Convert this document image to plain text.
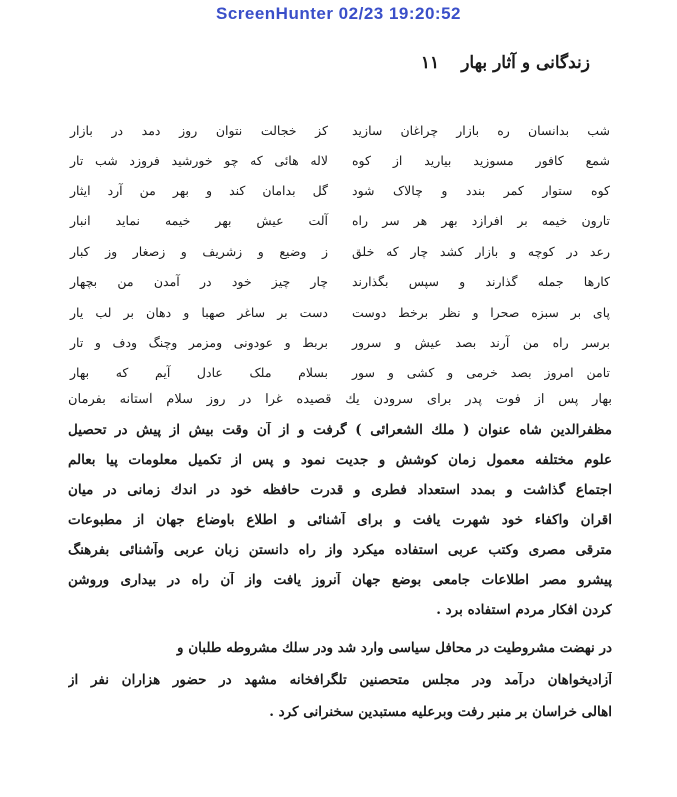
ScreenHunter 02/23 19:20:52
زندگانی و آثار بهار
١١
شب بدانسان ره بازار چراغان سازید
کز خجالت نتوان روز دمد در بازار
شمع کافور مسوزید بیارید از کوه
لاله هائی که چو خورشید فروزد شب تار
کوه ستوار کمر بندد و چالاک شود
گل بدامان کند و بهر من آرد ایثار
تارون خیمه بر افرازد بهر هر سر راه
آلت عیش بهر خیمه نماید انبار
رعد در کوچه و بازار کشد چار که خلق
ز وضیع و زشریف و زصغار وز کبار
کارها جمله گذارند و سپس بگذارند
چار چیز خود در آمدن من بچهار
پای بر سبزه صحرا و نظر برخط دوست
دست بر ساغر صهبا و دهان بر لب یار
برسر راه من آرند بصد عیش و سرور
بربط و عودونی ومزمر وچنگ ودف و تار
تامن امروز بصد خرمی و کشی و سور
بسلام ملک عادل آیم که بهار
بهار پس از فوت پدر برای سرودن یك قصیده غرا در روز سلام آستانه بفرمان
مظفرالدین شاه عنوان ( ملك الشعرائی ) گرفت و از آن وقت بیش از پیش در تحصیل
علوم مختلفه معمول زمان کوشش و جدیت نمود و پس از تکمیل معلومات پیا بعالم
اجتماع گذاشت و بمدد استعداد فطری و قدرت حافظه خود در اندك زمانی در میان
اقران واکفاء خود شهرت یافت و برای آشنائی و اطلاع باوضاع جهان از مطبوعات
مترقی مصری وکتب عربی استفاده میکرد واز راه دانستن زبان عربی وآشنائی بفرهنگ
پیشرو مصر اطلاعات جامعی بوضع جهان آنروز یافت واز آن راه در بیداری وروشن
کردن افکار مردم استفاده برد .
در نهضت مشروطیت در محافل سیاسی وارد شد ودر سلك مشروطه طلبان و
آزادیخواهان درآمد ودر مجلس متحصنین تلگرافخانه مشهد در حضور هزاران نفر از
اهالی خراسان بر منبر رفت وبرعلیه مستبدین سخنرانی کرد .
